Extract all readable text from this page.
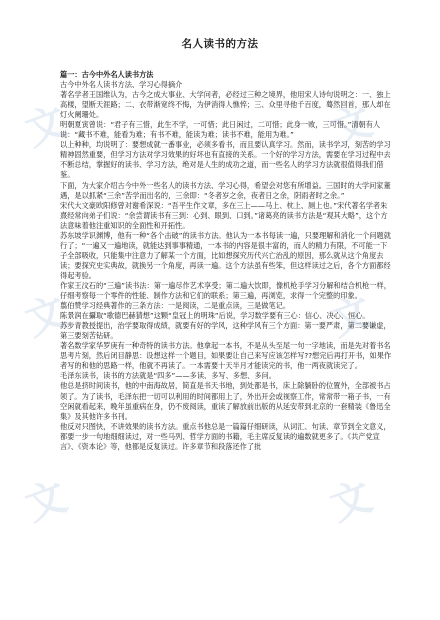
文	文
文	文
文	文
名人读书的方法

篇一：古今中外名人读书方法

古今中外名人读书方法、学习心得摘介

著名学者王国维认为，古今之成大事业、大学问者，必经过三种之境界，他用宋人诗句说明之：一、独上高楼，望断天涯路；二、衣带渐宽终不悔，为伊消得人憔悴；三、众里寻他千百度，蓦然回首，那人却在灯火阑珊处。

明朝夏寅曾说：“君子有三惜，此生不学，一可惜；此日闲过，二可惜；此身一败，三可惜。”清朝有人说：“藏书不难，能看为难；有书不难，能读为难；读书不难，能用为难。”

以上种种，均说明了：要想成就一番事业，必须多看书，而且要认真学习。然而，读书学习，刻苦的学习精神固然重要，但学习方法对学习效果的好坏也有直接的关系。一个好的学习方法，需要在学习过程中去不断总结，掌握好的读书、学习方法，绝对是人生的成功之道，而一些名人的学习方法就很值得我们借鉴。

下面，为大家介绍古今中外一些名人的读书方法、学习心得，希望会对您有所增益。三国时的大学问家董遇，是以抓紧“三余”苦学而出名的，三余即：“冬者岁之余，夜者日之余，阴雨者时之余。”

宋代大文豪欧阳修曾对谢希深说：“吾平生作文章，多在三上——马上、枕上、厕上也。”宋代著名学者朱熹经常向弟子们说：“余尝谓读书有三到：心到、眼到、口到。”诸葛亮的读书方法是“观其大略”，这个方法意味着他注重知识的全面性和开拓性。

苏东坡学识渊博，他有一种“各个击破”的读书方法。他认为一本书每读一遍，只要理解和消化一个问题就行了；“一遍又一遍地读，就能达到事事精通，一本书的内容是很丰富的，而人的精力有限，不可能一下子全部吸收，只能集中注意力了解某一个方面，比如想探究历代兴亡治乱的原因，那么就从这个角度去读；要探究史实典故，就换另一个角度，再读一遍。这个方法虽有些笨，但这样读过之后，各个方面都经得起考验。

作家王汶石的“三遍”读书法：第一遍尽作艺术享受；第二遍大饮即，像机枪手学习分解和结合机枪一样，仔细考察每一个零件的性能、制作方法和它们的联系；第三遍，再浏览，求得一个完整的印象。

翦伯赞学习经典著作的三条方法：一是阅读，二是重点读，三是做笔记。

陈景润在攝取“歌德巴赫猜想”这颗“皇冠上的明珠”后说，学习数学要有三心：信心、决心、恒心。

苏步青教授提出，治学要取得成绩，就要有好的学风，这种学风有三个方面：第一要严肃，第二要谦虚，第三要刻苦钻研。

著名数学家华罗庚有一种奇特的读书方法。他拿起一本书，不是从头至尾一句一字地读，而是先对着书名思考片刻，然后闭目静思：设想这样一个题目，如果要让自己来写应该怎样写??想完后再打开书，如果作者写的和他的思路一样，他就不再读了。一本需要十天半月才能读完的书，他一两夜就读完了。

毛泽东读书，读书的方法就是“四多”——多读、多写、多想、多问。

他总是挤时间读书，他的中南海故居，简直是书天书地，到处都是书，床上除躺卧的位置外，全部被书占领了。为了读书，毛泽东把一切可以利用的时间都用上了，外出开会或视察工作，常常带一箱子书，一有空闲就看起来，晚年虽重病在身，仍不废阅读，重读了解放前出版的从延安带到北京的一套精装《鲁迅全集》及其他许多书刊。

他反对只图快，不讲效果的读书方法。重点书他总是一篇篇仔细研读，从词汇、句读、章节到全文意义，都要一步一句地细细读过，对一些马列、哲学方面的书籍，毛主席反复读的遍数就更多了。《共产党宣言》、《资本论》等，他都是反复读过。许多章节和段落还作了批
